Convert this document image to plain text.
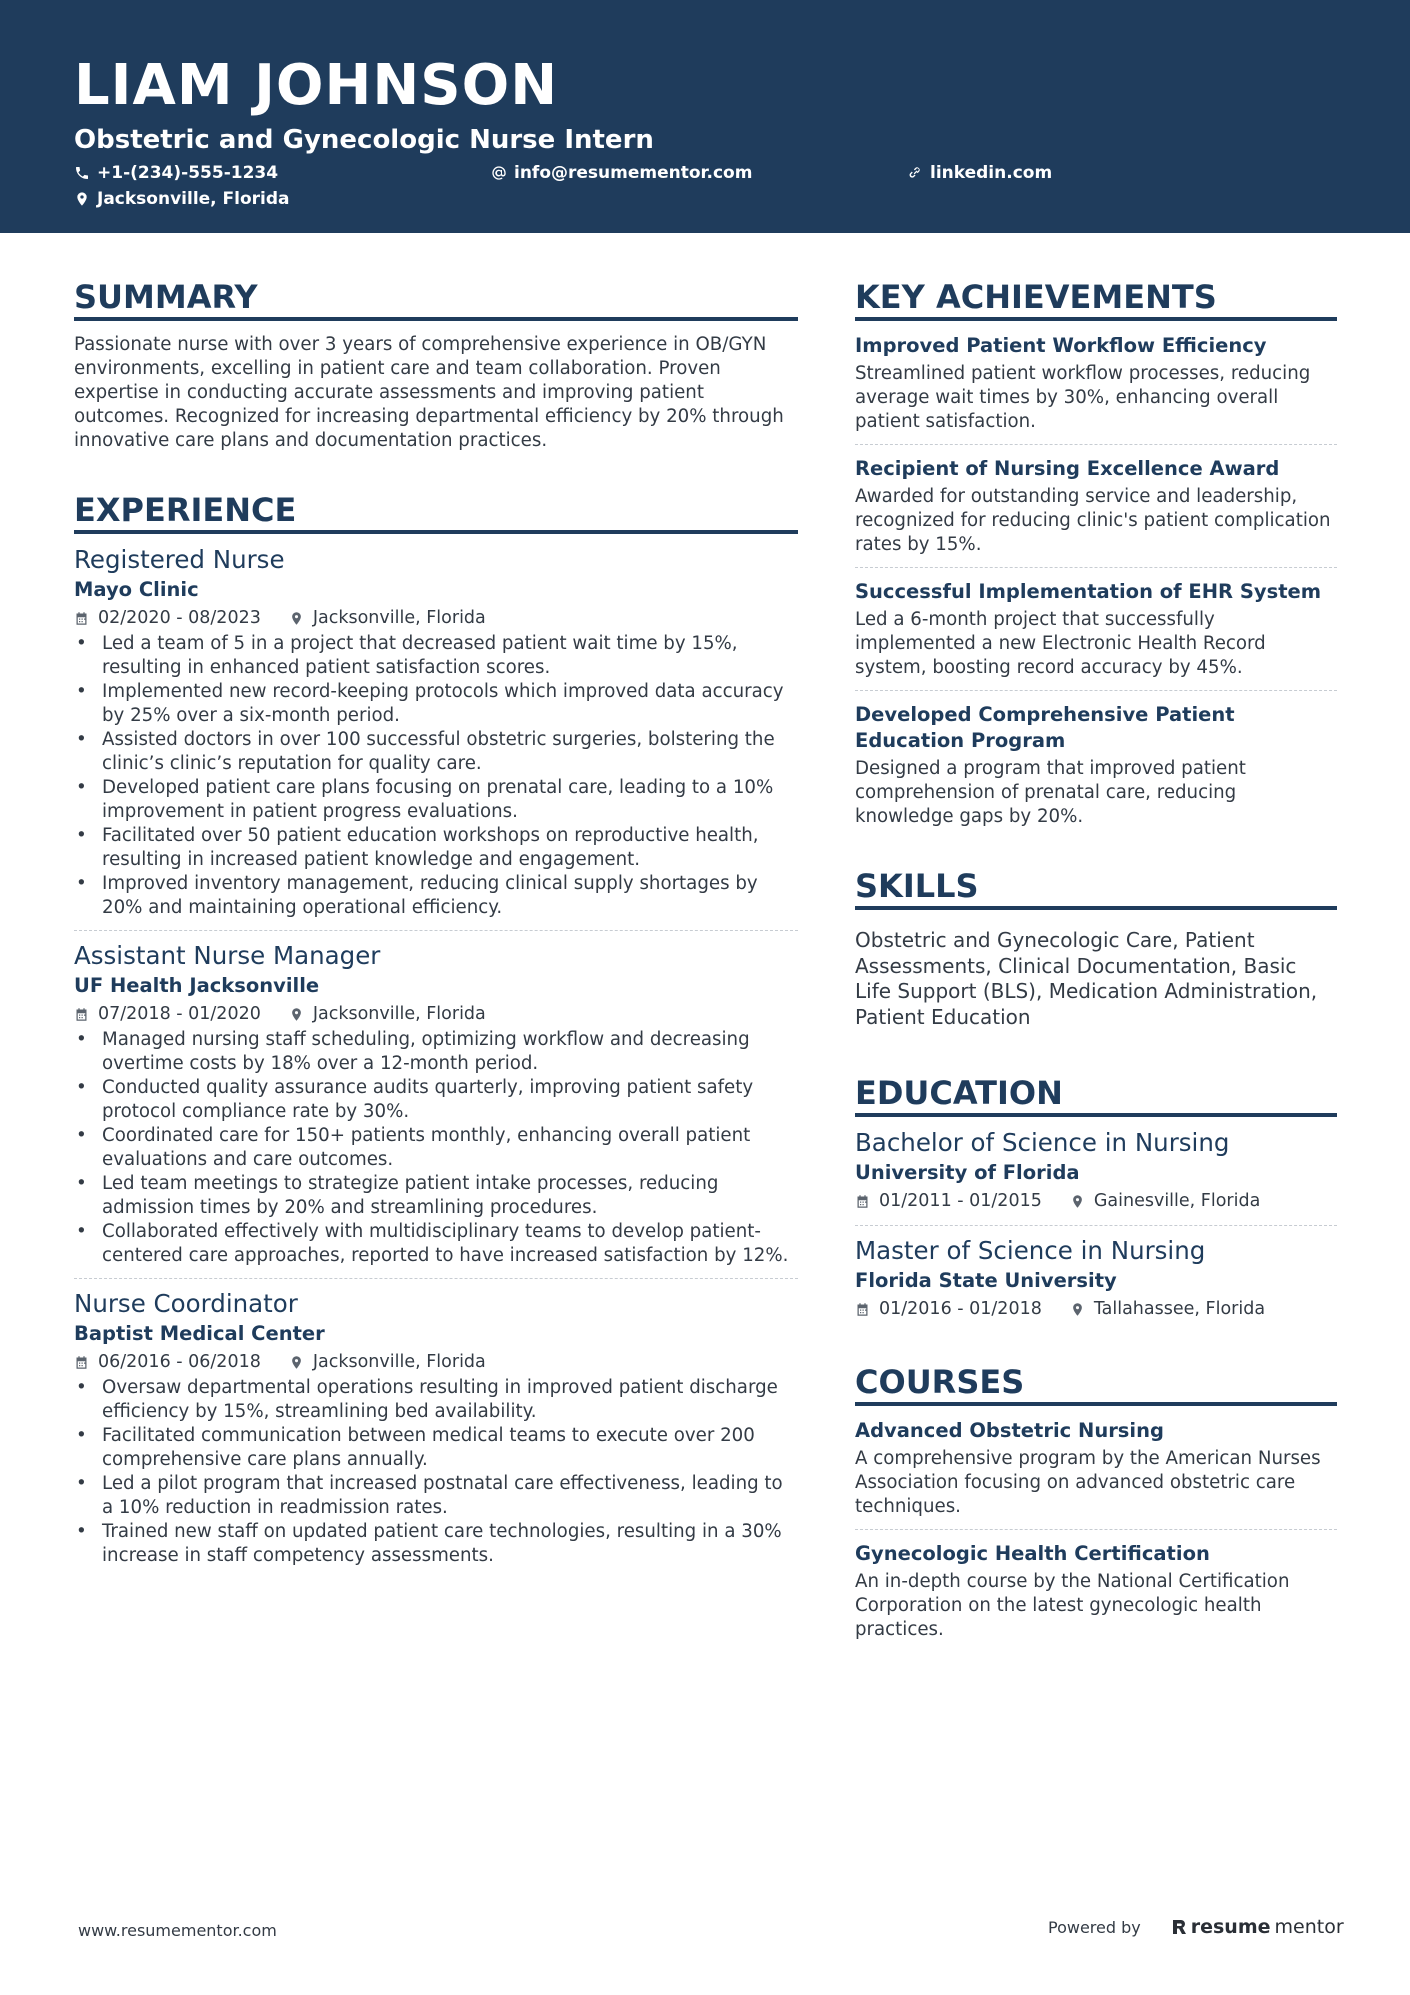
LIAM JOHNSON
Obstetric and Gynecologic Nurse Intern
+1-(234)-555-1234	info@resumementor.com	linkedin.com
Jacksonville, Florida
SUMMARY

Passionate nurse with over 3 years of comprehensive experience in OB/GYN environments, excelling in patient care and team collaboration. Proven expertise in conducting accurate assessments and improving patient outcomes. Recognized for increasing departmental efficiency by 20% through innovative care plans and documentation practices.

EXPERIENCE

Registered Nurse

Mayo Clinic

02/2020 - 08/2023	Jacksonville, Florida
• Led a team of 5 in a project that decreased patient wait time by 15%, resulting in enhanced patient satisfaction scores.
• Implemented new record-keeping protocols which improved data accuracy by 25% over a six-month period.
• Assisted doctors in over 100 successful obstetric surgeries, bolstering the clinic’s clinic’s reputation for quality care.
• Developed patient care plans focusing on prenatal care, leading to a 10% improvement in patient progress evaluations.
• Facilitated over 50 patient education workshops on reproductive health, resulting in increased patient knowledge and engagement.
• Improved inventory management, reducing clinical supply shortages by 20% and maintaining operational efficiency.

Assistant Nurse Manager

UF Health Jacksonville

07/2018 - 01/2020	Jacksonville, Florida
• Managed nursing staff scheduling, optimizing workflow and decreasing overtime costs by 18% over a 12-month period.
• Conducted quality assurance audits quarterly, improving patient safety protocol compliance rate by 30%.
• Coordinated care for 150+ patients monthly, enhancing overall patient evaluations and care outcomes.
• Led team meetings to strategize patient intake processes, reducing admission times by 20% and streamlining procedures.
• Collaborated effectively with multidisciplinary teams to develop patient-centered care approaches, reported to have increased satisfaction by 12%.

Nurse Coordinator

Baptist Medical Center

06/2016 - 06/2018	Jacksonville, Florida
• Oversaw departmental operations resulting in improved patient discharge efficiency by 15%, streamlining bed availability.
• Facilitated communication between medical teams to execute over 200 comprehensive care plans annually.
• Led a pilot program that increased postnatal care effectiveness, leading to a 10% reduction in readmission rates.
• Trained new staff on updated patient care technologies, resulting in a 30% increase in staff competency assessments.
KEY ACHIEVEMENTS

Improved Patient Workflow Efficiency

Streamlined patient workflow processes, reducing average wait times by 30%, enhancing overall patient satisfaction.

Recipient of Nursing Excellence Award

Awarded for outstanding service and leadership, recognized for reducing clinic's patient complication rates by 15%.

Successful Implementation of EHR System

Led a 6-month project that successfully implemented a new Electronic Health Record system, boosting record accuracy by 45%.

Developed Comprehensive Patient Education Program

Designed a program that improved patient comprehension of prenatal care, reducing knowledge gaps by 20%.

SKILLS

Obstetric and Gynecologic Care, Patient Assessments, Clinical Documentation, Basic Life Support (BLS), Medication Administration, Patient Education

EDUCATION

Bachelor of Science in Nursing

University of Florida

01/2011 - 01/2015	Gainesville, Florida

Master of Science in Nursing

Florida State University

01/2016 - 01/2018	Tallahassee, Florida
COURSES

Advanced Obstetric Nursing

A comprehensive program by the American Nurses Association focusing on advanced obstetric care techniques.

Gynecologic Health Certification

An in-depth course by the National Certification Corporation on the latest gynecologic health practices.

www.resumementor.com	Powered by	resume mentor
